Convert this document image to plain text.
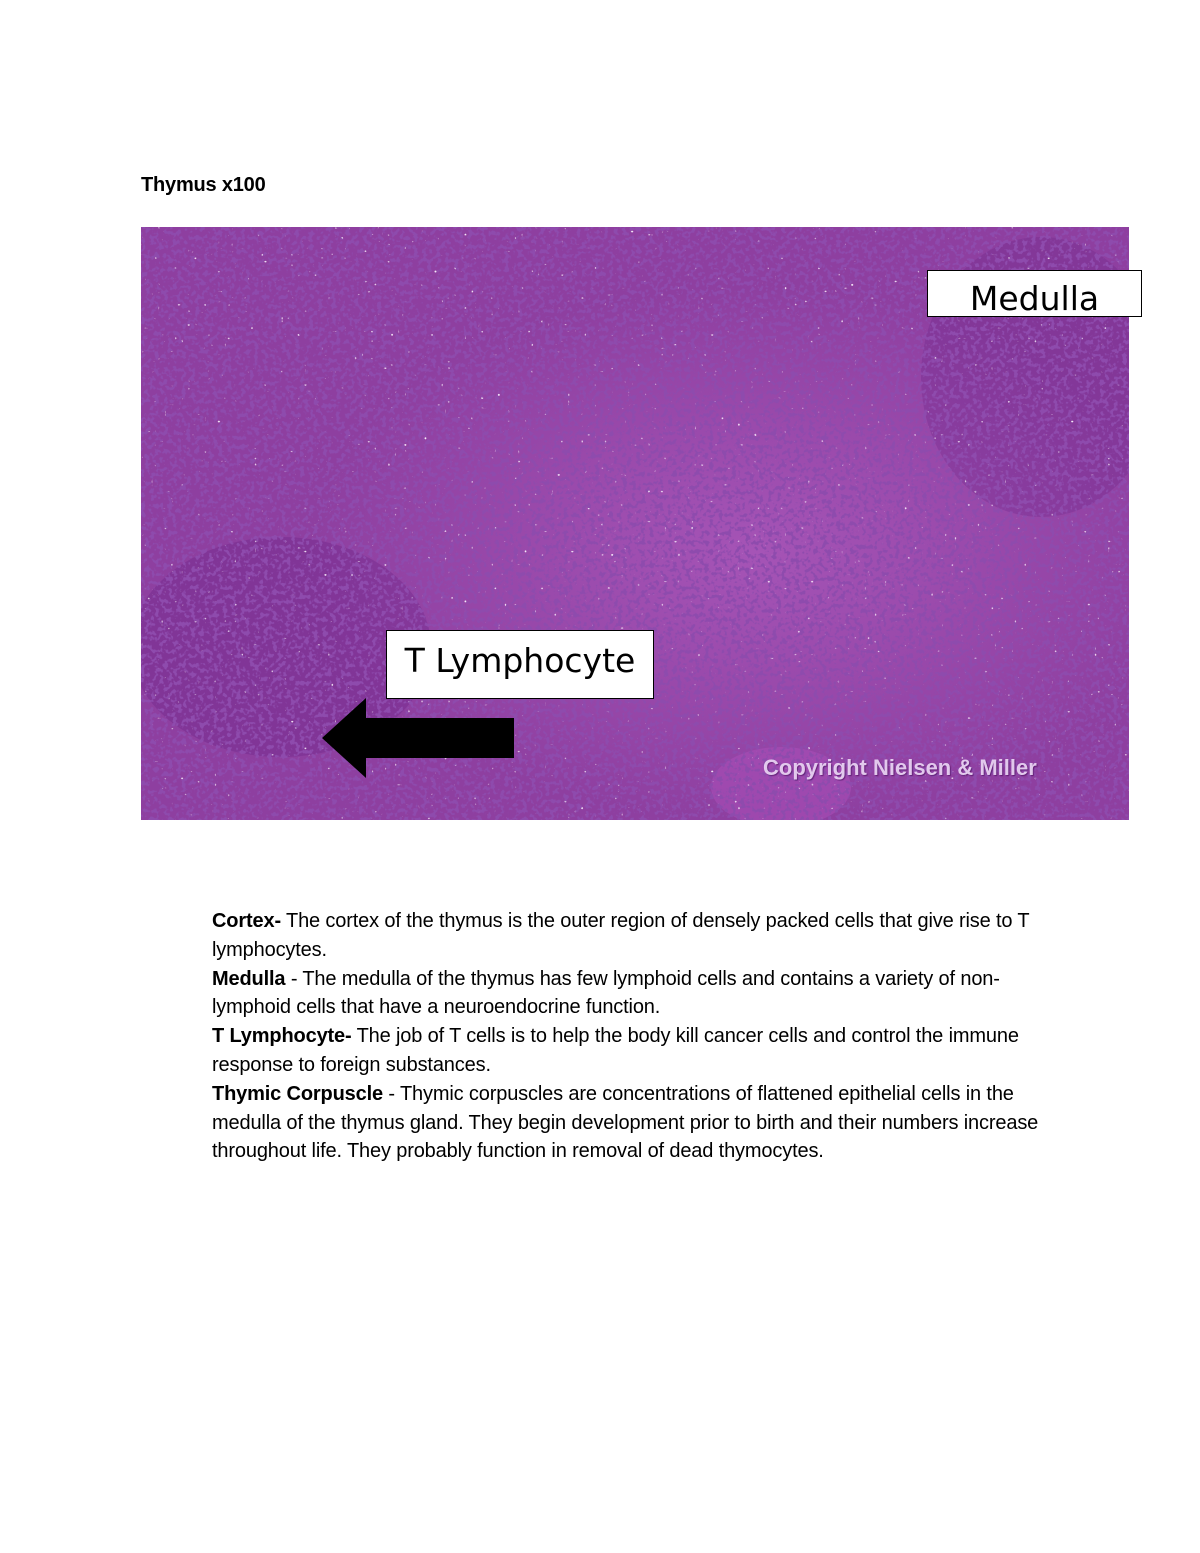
Thymus x100
Medulla
T Lymphocyte
Copyright Nielsen & Miller

Cortex- The cortex of the thymus is the outer region of densely packed cells that give rise to T lymphocytes.

Medulla - The medulla of the thymus has few lymphoid cells and contains a variety of non-lymphoid cells that have a neuroendocrine function.

T Lymphocyte- The job of T cells is to help the body kill cancer cells and control the immune response to foreign substances.

Thymic Corpuscle - Thymic corpuscles are concentrations of flattened epithelial cells in the medulla of the thymus gland. They begin development prior to birth and their numbers increase throughout life. They probably function in removal of dead thymocytes.
